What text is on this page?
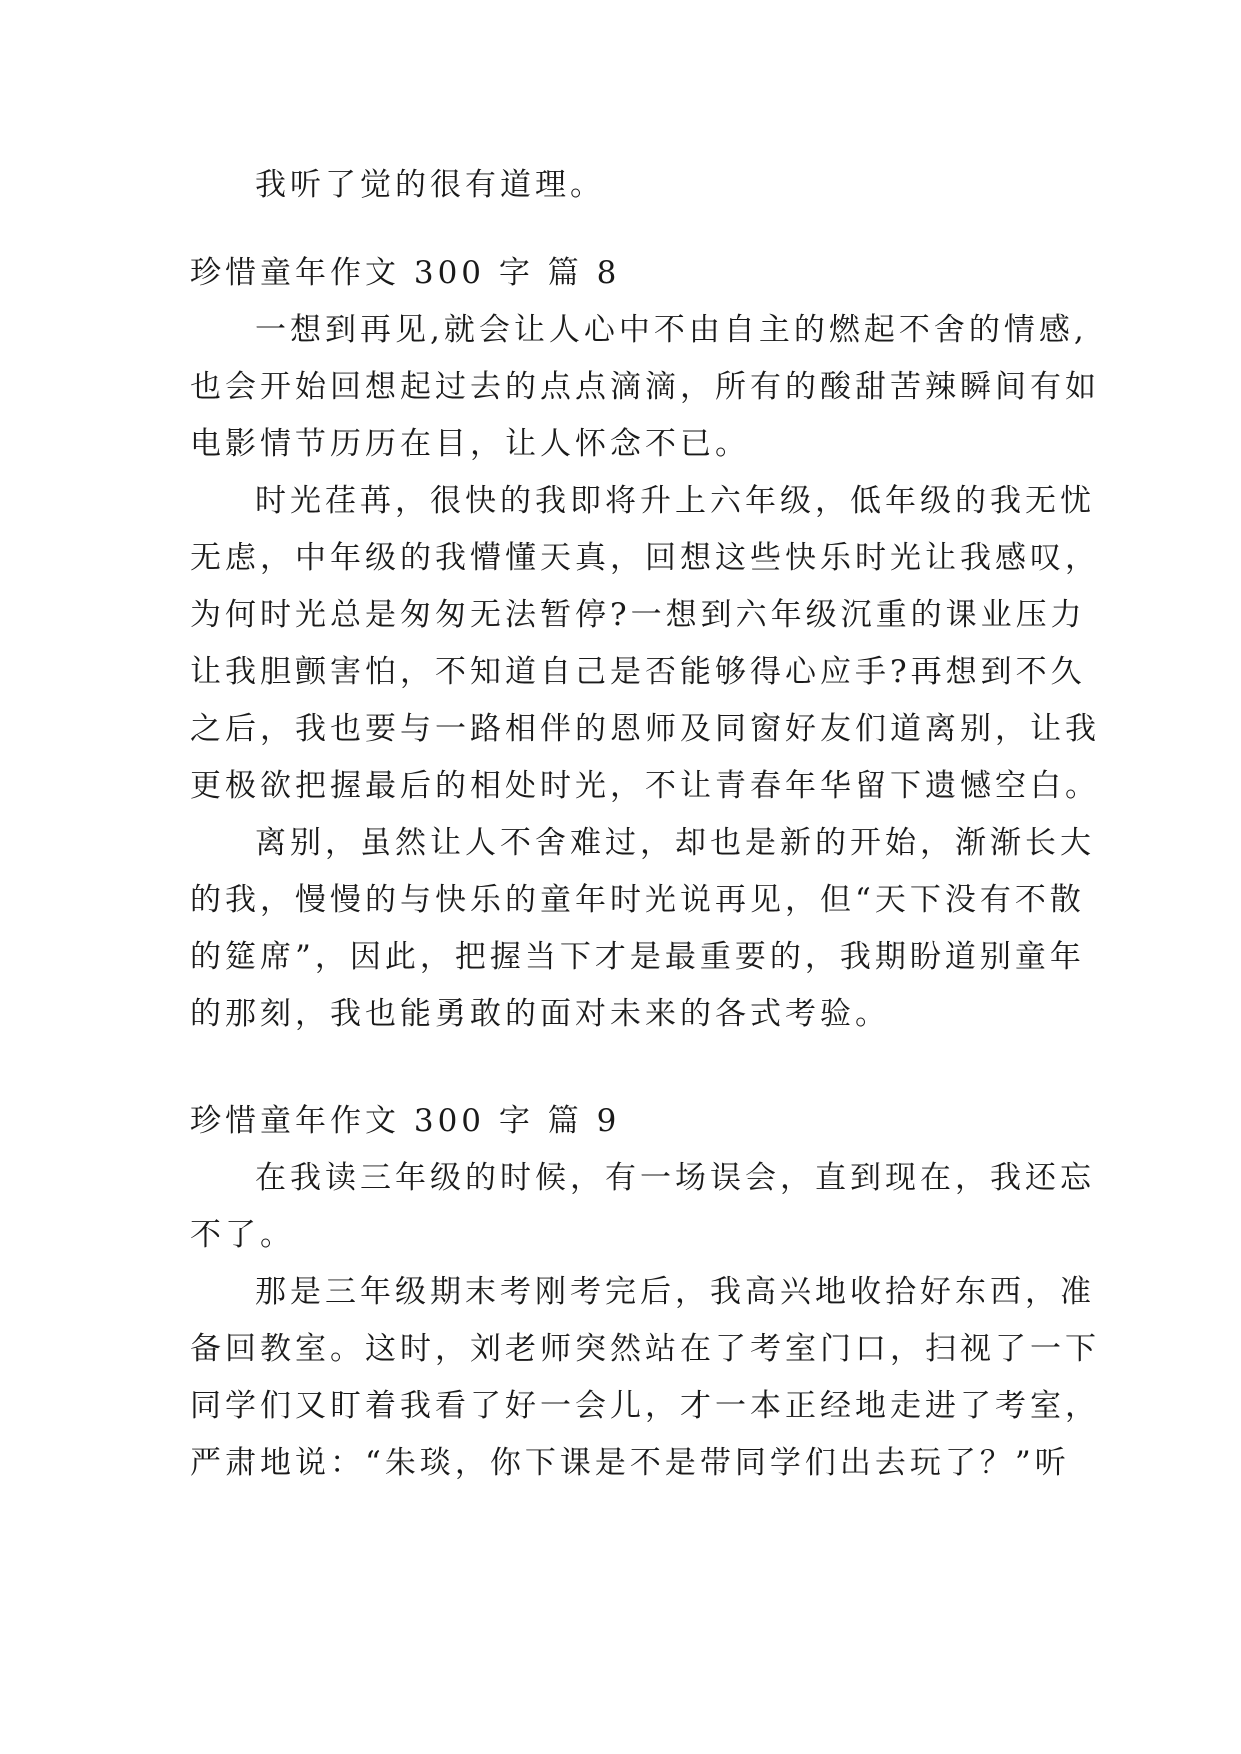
我听了觉的很有道理。
珍惜童年作文 300 字 篇 8
一想到再见,就会让人心中不由自主的燃起不舍的情感,
也会开始回想起过去的点点滴滴，所有的酸甜苦辣瞬间有如
电影情节历历在目，让人怀念不已。
时光荏苒，很快的我即将升上六年级，低年级的我无忧
无虑，中年级的我懵懂天真，回想这些快乐时光让我感叹，
为何时光总是匆匆无法暂停?一想到六年级沉重的课业压力
让我胆颤害怕，不知道自己是否能够得心应手?再想到不久
之后，我也要与一路相伴的恩师及同窗好友们道离别，让我
更极欲把握最后的相处时光，不让青春年华留下遗憾空白。
离别，虽然让人不舍难过，却也是新的开始，渐渐长大
的我，慢慢的与快乐的童年时光说再见，但“天下没有不散
的筵席”，因此，把握当下才是最重要的，我期盼道别童年
的那刻，我也能勇敢的面对未来的各式考验。
珍惜童年作文 300 字 篇 9
在我读三年级的时候，有一场误会，直到现在，我还忘
不了。
那是三年级期末考刚考完后，我高兴地收拾好东西，准
备回教室。这时，刘老师突然站在了考室门口，扫视了一下
同学们又盯着我看了好一会儿，才一本正经地走进了考室，
严肃地说：“朱琰，你下课是不是带同学们出去玩了？”听
